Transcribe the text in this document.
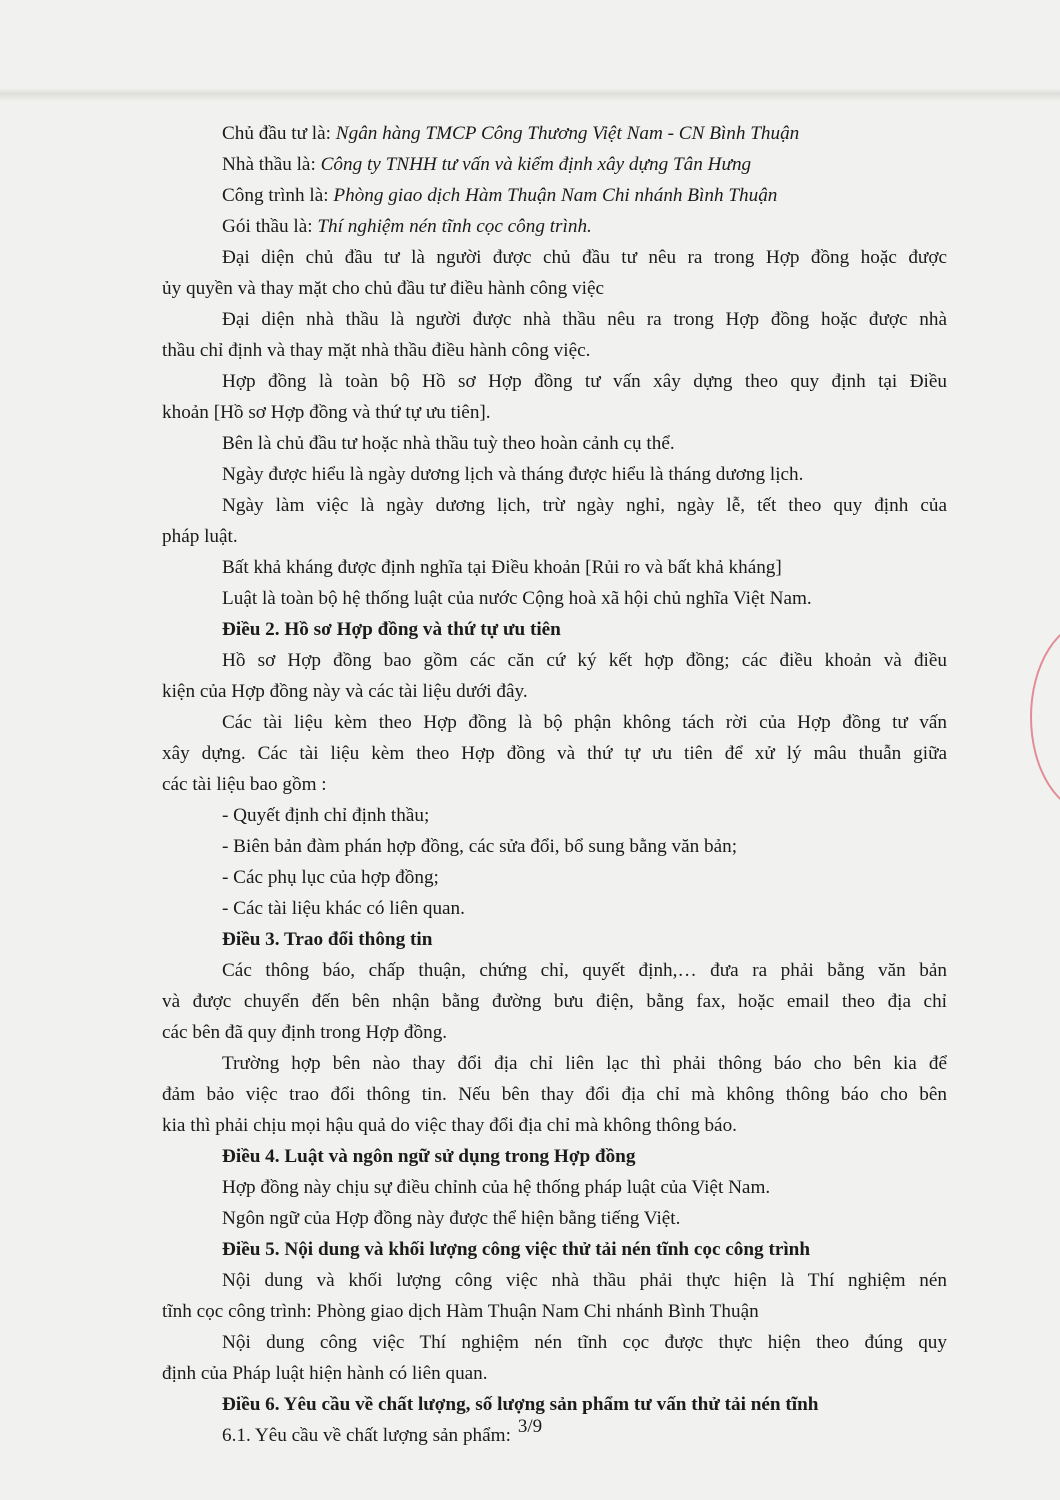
Chủ đầu tư là: Ngân hàng TMCP Công Thương Việt Nam - CN Bình Thuận
Nhà thầu là: Công ty TNHH tư vấn và kiểm định xây dựng Tân Hưng
Công trình là: Phòng giao dịch Hàm Thuận Nam Chi nhánh Bình Thuận
Gói thầu là: Thí nghiệm nén tĩnh cọc công trình.
Đại diện chủ đầu tư là người được chủ đầu tư nêu ra trong Hợp đồng hoặc được
ủy quyền và thay mặt cho chủ đầu tư điều hành công việc
Đại diện nhà thầu là người được nhà thầu nêu ra trong Hợp đồng hoặc được nhà
thầu chỉ định và thay mặt nhà thầu điều hành công việc.
Hợp đồng là toàn bộ Hồ sơ Hợp đồng tư vấn xây dựng theo quy định tại Điều
khoản [Hồ sơ Hợp đồng và thứ tự ưu tiên].
Bên là chủ đầu tư hoặc nhà thầu tuỳ theo hoàn cảnh cụ thể.
Ngày được hiểu là ngày dương lịch và tháng được hiểu là tháng dương lịch.
Ngày làm việc là ngày dương lịch, trừ ngày nghỉ, ngày lễ, tết theo quy định của
pháp luật.
Bất khả kháng được định nghĩa tại Điều khoản [Rủi ro và bất khả kháng]
Luật là toàn bộ hệ thống luật của nước Cộng hoà xã hội chủ nghĩa Việt Nam.
Điều 2. Hồ sơ Hợp đồng và thứ tự ưu tiên
Hồ sơ Hợp đồng bao gồm các căn cứ ký kết hợp đồng; các điều khoản và điều
kiện của Hợp đồng này và các tài liệu dưới đây.
Các tài liệu kèm theo Hợp đồng là bộ phận không tách rời của Hợp đồng tư vấn
xây dựng. Các tài liệu kèm theo Hợp đồng và thứ tự ưu tiên để xử lý mâu thuẫn giữa
các tài liệu bao gồm :
- Quyết định chỉ định thầu;
- Biên bản đàm phán hợp đồng, các sửa đổi, bổ sung bằng văn bản;
- Các phụ lục của hợp đồng;
- Các tài liệu khác có liên quan.
Điều 3. Trao đổi thông tin
Các thông báo, chấp thuận, chứng chỉ, quyết định,… đưa ra phải bằng văn bản
và được chuyển đến bên nhận bằng đường bưu điện, bằng fax, hoặc email theo địa chỉ
các bên đã quy định trong Hợp đồng.
Trường hợp bên nào thay đổi địa chỉ liên lạc thì phải thông báo cho bên kia để
đảm bảo việc trao đổi thông tin. Nếu bên thay đổi địa chỉ mà không thông báo cho bên
kia thì phải chịu mọi hậu quả do việc thay đổi địa chỉ mà không thông báo.
Điều 4. Luật và ngôn ngữ sử dụng trong Hợp đồng
Hợp đồng này chịu sự điều chỉnh của hệ thống pháp luật của Việt Nam.
Ngôn ngữ của Hợp đồng này được thể hiện bằng tiếng Việt.
Điều 5. Nội dung và khối lượng công việc thử tải nén tĩnh cọc công trình
Nội dung và khối lượng công việc nhà thầu phải thực hiện là Thí nghiệm nén
tĩnh cọc công trình: Phòng giao dịch Hàm Thuận Nam Chi nhánh Bình Thuận
Nội dung công việc Thí nghiệm nén tĩnh cọc được thực hiện theo đúng quy
định của Pháp luật hiện hành có liên quan.
Điều 6. Yêu cầu về chất lượng, số lượng sản phẩm tư vấn thử tải nén tĩnh
6.1. Yêu cầu về chất lượng sản phẩm: 3/9
